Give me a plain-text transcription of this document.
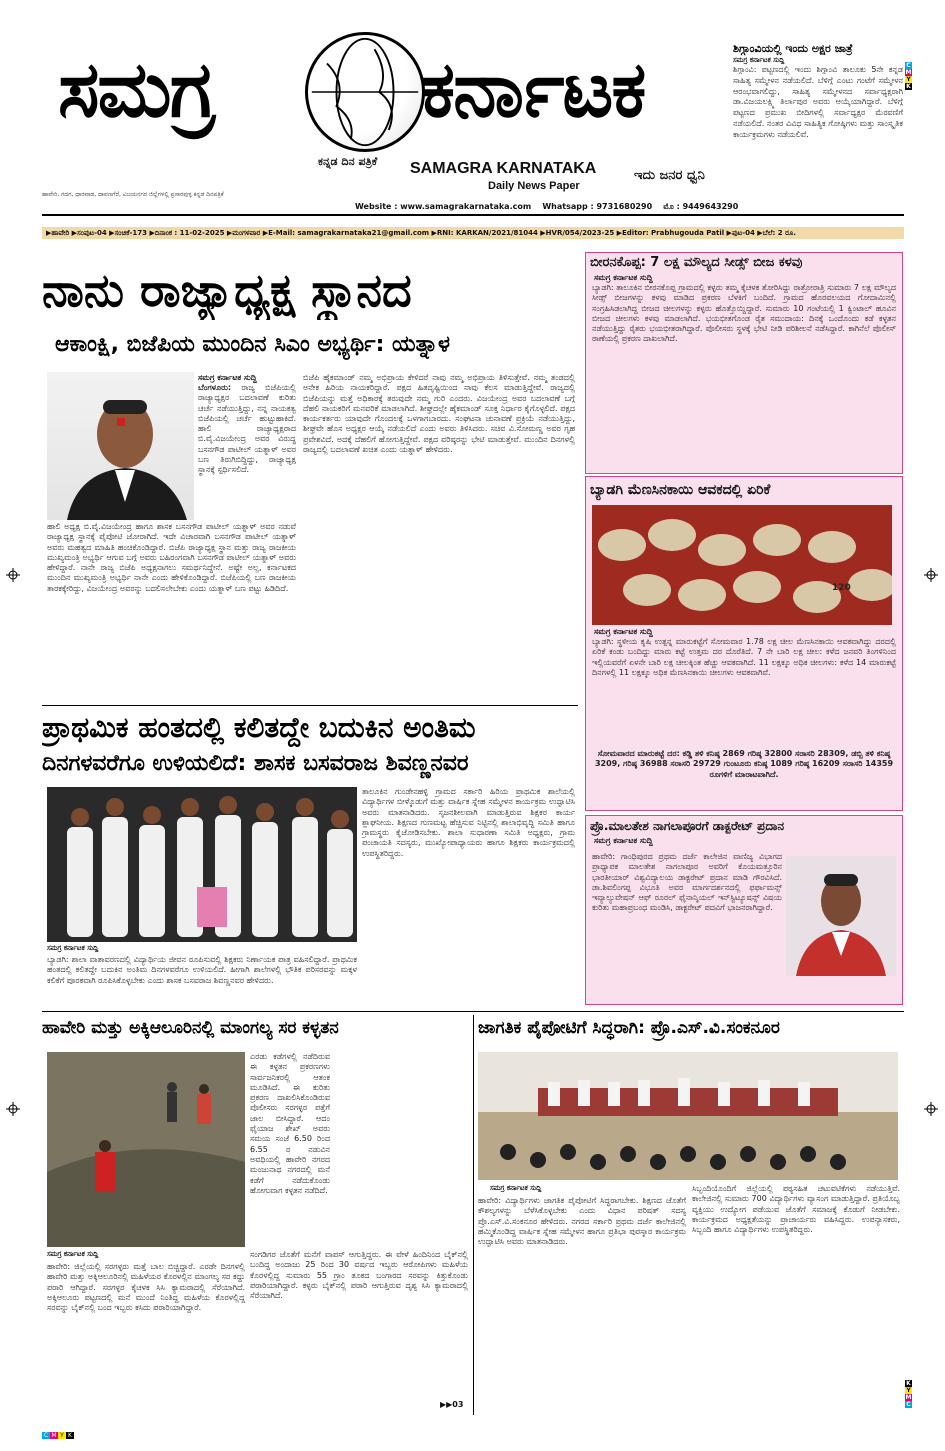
ಸಮಗ್ರ	ಕರ್ನಾಟಕ
ಕನ್ನಡ ದಿನ ಪತ್ರಿಕೆ SAMAGRA KARNATAKA
Daily News Paper
ಇದು ಜನರ ಧ್ವನಿ
ಹಾವೇರಿ, ಗದಗ, ಧಾರವಾಡ, ದಾವಣಗೆರೆ, ವಿಜಯನಗರ ಜಿಲ್ಲೆಗಳಲ್ಲಿ ಪ್ರಸಾರವುಳ್ಳ ಕನ್ನಡ ದಿನಪತ್ರಿಕೆ
Website : www.samagrakarnataka.com Whatsapp : 9731680290 ಮೊ : 9449643290
▶ಹಾವೇರಿ ▶ಸಂಪುಟ-04 ▶ಸಂಚಿಕೆ-173 ▶ದಿನಾಂಕ : 11-02-2025 ▶ಮಂಗಳವಾರ ▶E-Mail: samagrakarnataka21@gmail.com ▶RNI: KARKAN/2021/81044 ▶HVR/054/2023-25 ▶Editor: Prabhugouda Patil ▶ಪುಟ-04 ▶ಬೆಲೆ: 2 ರೂ.
C
M
Y
K
K
Y
M
C
C M Y K
ಶಿಗ್ಗಾಂವಿಯಲ್ಲಿ ಇಂದು ಅಕ್ಷರ ಜಾತ್ರೆ
ಸಮಗ್ರ ಕರ್ನಾಟಕ ಸುದ್ದಿ
ಶಿಗ್ಗಾಂವಿ: ಪಟ್ಟಣದಲ್ಲಿ ಇಂದು ಶಿಗ್ಗಾಂವಿ ತಾಲೂಕು 5ನೇ ಕನ್ನಡ ಸಾಹಿತ್ಯ ಸಮ್ಮೇಳನ ನಡೆಯಲಿದೆ. ಬೆಳಿಗ್ಗೆ ಎಂಟು ಗಂಟೆಗೆ ಸಮ್ಮೇಳನ ಆರಂಭವಾಗಲಿದ್ದು, ಸಾಹಿತ್ಯ ಸಮ್ಮೇಳನದ ಸರ್ವಾಧ್ಯಕ್ಷರಾಗಿ ಡಾ.ವಿಜಯಲಕ್ಷ್ಮಿ ತಿರ್ಲಾಪುರ ಅವರು ಆಯ್ಕೆಯಾಗಿದ್ದಾರೆ. ಬೆಳಿಗ್ಗೆ ಪಟ್ಟಣದ ಪ್ರಮುಖ ಬೀದಿಗಳಲ್ಲಿ ಸರ್ವಾಧ್ಯಕ್ಷರ ಮೆರವಣಿಗೆ ನಡೆಯಲಿದೆ. ನಂತರ ವಿವಿಧ ಸಾಹಿತ್ಯಿಕ ಗೋಷ್ಠಿಗಳು ಮತ್ತು ಸಾಂಸ್ಕೃತಿಕ ಕಾರ್ಯಕ್ರಮಗಳು ನಡೆಯಲಿವೆ.
ನಾನು ರಾಜ್ಯಾಧ್ಯಕ್ಷ ಸ್ಥಾನದ
ಆಕಾಂಕ್ಷಿ, ಬಿಜೆಪಿಯ ಮುಂದಿನ ಸಿಎಂ ಅಭ್ಯರ್ಥಿ: ಯತ್ನಾಳ
ಸಮಗ್ರ ಕರ್ನಾಟಕ ಸುದ್ದಿ
ಬೆಂಗಳೂರು: ರಾಜ್ಯ ಬಿಜೆಪಿಯಲ್ಲಿ ರಾಜ್ಯಾಧ್ಯಕ್ಷರ ಬದಲಾವಣೆ ಕುರಿತು ಚರ್ಚೆ ನಡೆಯುತ್ತಿದ್ದು, ನನ್ನ ನಾಯಕತ್ವ ಬಿಜೆಪಿಯಲ್ಲಿ ಚರ್ಚೆ ಹುಟ್ಟುಹಾಕಿದೆ. ಹಾಲಿ ರಾಜ್ಯಾಧ್ಯಕ್ಷರಾದ ಬಿ.ವೈ.ವಿಜಯೇಂದ್ರ ಅವರ ವಿರುದ್ಧ ಬಸನಗೌಡ ಪಾಟೀಲ್ ಯತ್ನಾಳ್ ಅವರ ಬಣ ತಿರುಗಿಬಿದ್ದಿದ್ದು, ರಾಜ್ಯಾಧ್ಯಕ್ಷ ಸ್ಥಾನಕ್ಕೆ ಸ್ಪರ್ಧಿಸಲಿದೆ.
ಹಾಲಿ ಅಧ್ಯಕ್ಷ ಬಿ.ವೈ.ವಿಜಯೇಂದ್ರ ಹಾಗೂ ಶಾಸಕ ಬಸನಗೌಡ ಪಾಟೀಲ್ ಯತ್ನಾಳ್ ಅವರ ನಡುವೆ ರಾಜ್ಯಾಧ್ಯಕ್ಷ ಸ್ಥಾನಕ್ಕೆ ಪೈಪೋಟಿ ಜೋರಾಗಿದೆ. ಇದೇ ವಿಚಾರವಾಗಿ ಬಸನಗೌಡ ಪಾಟೀಲ್ ಯತ್ನಾಳ್ ಅವರು ಮಹತ್ವದ ಮಾಹಿತಿ ಹಂಚಿಕೊಂಡಿದ್ದಾರೆ. ಬಿಜೆಪಿ ರಾಜ್ಯಾಧ್ಯಕ್ಷ ಸ್ಥಾನ ಮತ್ತು ರಾಜ್ಯ ರಾಜಕೀಯ ಮುಖ್ಯಮಂತ್ರಿ ಅಭ್ಯರ್ಥಿ ಆಗುವ ಬಗ್ಗೆ ಅವರು ಬಹಿರಂಗವಾಗಿ ಬಸನಗೌಡ ಪಾಟೀಲ್ ಯತ್ನಾಳ್ ಅವರು ಹೇಳಿದ್ದಾರೆ. ನಾನೇ ರಾಜ್ಯ ಬಿಜೆಪಿ ಅಧ್ಯಕ್ಷನಾಗಲು ಸಮರ್ಥನಿದ್ದೇನೆ. ಅಷ್ಟೇ ಅಲ್ಲ, ಕರ್ನಾಟಕದ ಮುಂದಿನ ಮುಖ್ಯಮಂತ್ರಿ ಅಭ್ಯರ್ಥಿ ನಾನೇ ಎಂದು ಹೇಳಿಕೊಂಡಿದ್ದಾರೆ. ಬಿಜೆಪಿಯಲ್ಲಿ ಬಣ ರಾಜಕೀಯ ತಾರಕಕ್ಕೇರಿದ್ದು, ವಿಜಯೇಂದ್ರ ಅವರನ್ನು ಬದಲಿಸಲೇಬೇಕು ಎಂದು ಯತ್ನಾಳ್ ಬಣ ಪಟ್ಟು ಹಿಡಿದಿದೆ.
ಬಿಜೆಪಿ ಹೈಕಮಾಂಡ್ ನಮ್ಮ ಅಭಿಪ್ರಾಯ ಕೇಳಿದರೆ ನಾವು ನಮ್ಮ ಅಭಿಪ್ರಾಯ ತಿಳಿಸುತ್ತೇವೆ. ನಮ್ಮ ತಂಡದಲ್ಲಿ ಅನೇಕ ಹಿರಿಯ ನಾಯಕರಿದ್ದಾರೆ. ಪಕ್ಷದ ಹಿತದೃಷ್ಟಿಯಿಂದ ನಾವು ಕೆಲಸ ಮಾಡುತ್ತಿದ್ದೇವೆ. ರಾಜ್ಯದಲ್ಲಿ ಬಿಜೆಪಿಯನ್ನು ಮತ್ತೆ ಅಧಿಕಾರಕ್ಕೆ ತರುವುದೇ ನಮ್ಮ ಗುರಿ ಎಂದರು. ವಿಜಯೇಂದ್ರ ಅವರ ಬದಲಾವಣೆ ಬಗ್ಗೆ ದೆಹಲಿ ನಾಯಕರಿಗೆ ಮನವರಿಕೆ ಮಾಡಲಾಗಿದೆ. ಶೀಘ್ರದಲ್ಲೇ ಹೈಕಮಾಂಡ್ ಸೂಕ್ತ ನಿರ್ಧಾರ ಕೈಗೊಳ್ಳಲಿದೆ. ಪಕ್ಷದ ಕಾರ್ಯಕರ್ತರು ಯಾವುದೇ ಗೊಂದಲಕ್ಕೆ ಒಳಗಾಗಬಾರದು. ಸಂಘಟನಾ ಚುನಾವಣೆ ಪ್ರಕ್ರಿಯೆ ನಡೆಯುತ್ತಿದ್ದು, ಶೀಘ್ರವೇ ಹೊಸ ಅಧ್ಯಕ್ಷರ ಆಯ್ಕೆ ನಡೆಯಲಿದೆ ಎಂದು ಅವರು ತಿಳಿಸಿದರು. ಸಚಿವ ವಿ.ಸೋಮಣ್ಣ ಅವರ ಗೃಹ ಪ್ರವೇಶವಿದೆ. ಅದಕ್ಕೆ ದೆಹಲಿಗೆ ಹೋಗುತ್ತಿದ್ದೇವೆ. ಪಕ್ಷದ ವರಿಷ್ಠರನ್ನು ಭೇಟಿ ಮಾಡುತ್ತೇವೆ. ಮುಂದಿನ ದಿನಗಳಲ್ಲಿ ರಾಜ್ಯದಲ್ಲಿ ಬದಲಾವಣೆ ಖಚಿತ ಎಂದು ಯತ್ನಾಳ್ ಹೇಳಿದರು.
ಪ್ರಾಥಮಿಕ ಹಂತದಲ್ಲಿ ಕಲಿತದ್ದೇ ಬದುಕಿನ ಅಂತಿಮ
ದಿನಗಳವರೆಗೂ ಉಳಿಯಲಿದೆ: ಶಾಸಕ ಬಸವರಾಜ ಶಿವಣ್ಣನವರ
ಸಮಗ್ರ ಕರ್ನಾಟಕ ಸುದ್ದಿ
ಬ್ಯಾಡಗಿ: ಶಾಲಾ ವಾತಾವರಣದಲ್ಲಿ ವಿದ್ಯಾರ್ಥಿಯ ಜೀವನ ರೂಪಿಸುವಲ್ಲಿ ಶಿಕ್ಷಕರು ನಿರ್ಣಾಯಕ ಪಾತ್ರ ವಹಿಸಲಿದ್ದಾರೆ. ಪ್ರಾಥಮಿಕ ಹಂತದಲ್ಲಿ ಕಲಿತದ್ದೇ ಬದುಕಿನ ಅಂತಿಮ ದಿನಗಳವರೆಗೂ ಉಳಿಯಲಿದೆ. ಹೀಗಾಗಿ ಶಾಲೆಗಳಲ್ಲಿ ಭೌತಿಕ ಪರಿಸರವನ್ನು ಮಕ್ಕಳ ಕಲಿಕೆಗೆ ಪೂರಕವಾಗಿ ರೂಪಿಸಿಕೊಳ್ಳಬೇಕು ಎಂದು ಶಾಸಕ ಬಸವರಾಜ ಶಿವಣ್ಣನವರ ಹೇಳಿದರು.
ತಾಲೂಕಿನ ಗುಂಡೇನಹಳ್ಳಿ ಗ್ರಾಮದ ಸರ್ಕಾರಿ ಹಿರಿಯ ಪ್ರಾಥಮಿಕ ಶಾಲೆಯಲ್ಲಿ ವಿದ್ಯಾರ್ಥಿಗಳ ಬೀಳ್ಕೊಡುಗೆ ಮತ್ತು ವಾರ್ಷಿಕ ಸ್ನೇಹ ಸಮ್ಮೇಳನ ಕಾರ್ಯಕ್ರಮ ಉದ್ಘಾಟಿಸಿ ಅವರು ಮಾತನಾಡಿದರು. ಸೃಜನಶೀಲವಾಗಿ ಮಾಡುತ್ತಿರುವ ಶಿಕ್ಷಕರ ಕಾರ್ಯ ಶ್ಲಾಘನೀಯ. ಶಿಕ್ಷಣದ ಗುಣಮಟ್ಟ ಹೆಚ್ಚಿಸುವ ನಿಟ್ಟಿನಲ್ಲಿ ಶಾಲಾಭಿವೃದ್ಧಿ ಸಮಿತಿ ಹಾಗೂ ಗ್ರಾಮಸ್ಥರು ಕೈಜೋಡಿಸಬೇಕು. ಶಾಲಾ ಸುಧಾರಣಾ ಸಮಿತಿ ಅಧ್ಯಕ್ಷರು, ಗ್ರಾಮ ಪಂಚಾಯತಿ ಸದಸ್ಯರು, ಮುಖ್ಯೋಪಾಧ್ಯಾಯರು ಹಾಗೂ ಶಿಕ್ಷಕರು ಕಾರ್ಯಕ್ರಮದಲ್ಲಿ ಉಪಸ್ಥಿತರಿದ್ದರು.
ಬೀರನಕೊಪ್ಪ: 7 ಲಕ್ಷ ಮೌಲ್ಯದ ಸೀಡ್ಸ್ ಬೀಜ ಕಳವು
ಸಮಗ್ರ ಕರ್ನಾಟಕ ಸುದ್ದಿ
ಬ್ಯಾಡಗಿ: ತಾಲೂಕಿನ ಬೀರನಕೊಪ್ಪ ಗ್ರಾಮದಲ್ಲಿ ಕಳ್ಳರು ತಮ್ಮ ಕೈಚಳಕ ತೋರಿಸಿದ್ದು ರಾತ್ರೋರಾತ್ರಿ ಸುಮಾರು 7 ಲಕ್ಷ ಮೌಲ್ಯದ ಸೀಡ್ಸ್ ಬೀಜಗಳನ್ನು ಕಳವು ಮಾಡಿದ ಪ್ರಕರಣ ಬೆಳಕಿಗೆ ಬಂದಿದೆ. ಗ್ರಾಮದ ಹೊರವಲಯದ ಗೋದಾಮಿನಲ್ಲಿ ಸಂಗ್ರಹಿಸಿಡಲಾಗಿದ್ದ ಬೀಜದ ಚೀಲಗಳನ್ನು ಕಳ್ಳರು ಹೊತ್ತೊಯ್ದಿದ್ದಾರೆ. ಸುಮಾರು 10 ಗಂಟೆಯಲ್ಲಿ 1 ಕ್ವಿಂಟಾಲ್ ಹೂವಿನ ಬೀಜದ ಚೀಲಗಳು ಕಳವು ಮಾಡಲಾಗಿದೆ. ಭಯಭೀತಗೊಂಡ ರೈತ ಸಮುದಾಯ: ದಿನಕ್ಕೆ ಒಂದೊಂದು ಕಡೆ ಕಳ್ಳತನ ನಡೆಯುತ್ತಿದ್ದು ರೈತರು ಭಯಭೀತರಾಗಿದ್ದಾರೆ. ಪೊಲೀಸರು ಸ್ಥಳಕ್ಕೆ ಭೇಟಿ ನೀಡಿ ಪರಿಶೀಲನೆ ನಡೆಸಿದ್ದಾರೆ. ಕಾಗಿನೆಲೆ ಪೊಲೀಸ್ ಠಾಣೆಯಲ್ಲಿ ಪ್ರಕರಣ ದಾಖಲಾಗಿದೆ.
ಬ್ಯಾಡಗಿ ಮೆಣಸಿನಕಾಯಿ ಆವಕದಲ್ಲಿ ಏರಿಕೆ
120
ಸಮಗ್ರ ಕರ್ನಾಟಕ ಸುದ್ದಿ
ಬ್ಯಾಡಗಿ: ಸ್ಥಳೀಯ ಕೃಷಿ ಉತ್ಪನ್ನ ಮಾರುಕಟ್ಟೆಗೆ ಸೋಮವಾರ 1.78 ಲಕ್ಷ ಚೀಲ ಮೆಣಸಿನಕಾಯಿ ಆವಕವಾಗಿದ್ದು ದರದಲ್ಲಿ ಏರಿಕೆ ಕಂಡು ಬಂದಿದ್ದು ಮಾರು ಕಟ್ಟೆ ಉತ್ತಮ ದರ ದೊರೆತಿದೆ. 7 ನೇ ಬಾರಿ ಲಕ್ಷ ಚೀಲ: ಕಳೆದ ಜನವರಿ ತಿಂಗಳಿನಿಂದ ಇಲ್ಲಿಯವರೆಗೆ ಏಳನೇ ಬಾರಿ ಲಕ್ಷ ಚೀಲಕ್ಕಿಂತ ಹೆಚ್ಚು ಆವಕವಾಗಿದೆ. 11 ಲಕ್ಷಕ್ಕೂ ಅಧಿಕ ಚೀಲಗಳು: ಕಳೆದ 14 ಮಾರುಕಟ್ಟೆ ದಿನಗಳಲ್ಲಿ 11 ಲಕ್ಷಕ್ಕೂ ಅಧಿಕ ಮೆಣಸಿನಕಾಯಿ ಚೀಲಗಳು ಆವಕವಾಗಿವೆ.
ಸೋಮವಾರದ ಮಾರುಕಟ್ಟೆ ದರ: ಕಡ್ಡಿ ತಳಿ ಕನಿಷ್ಠ 2869 ಗರಿಷ್ಠ 32800 ಸರಾಸರಿ 28309, ಡಬ್ಬಿ ತಳಿ ಕನಿಷ್ಠ 3209, ಗರಿಷ್ಠ 36988 ಸರಾಸರಿ 29729 ಗುಂಟೂರು ಕನಿಷ್ಠ 1089 ಗರಿಷ್ಠ 16209 ಸರಾಸರಿ 14359 ರೂಗಳಿಗೆ ಮಾರಾಟವಾಗಿದೆ.
ಪ್ರೊ.ಮಾಲತೇಶ ನಾಗಲಾಪೂರಗೆ ಡಾಕ್ಟರೇಟ್ ಪ್ರದಾನ
ಸಮಗ್ರ ಕರ್ನಾಟಕ ಸುದ್ದಿ
ಹಾವೇರಿ: ಗಾಂಧಿಪುರದ ಪ್ರಥಮ ದರ್ಜೆ ಕಾಲೇಜಿನ ವಾಣಿಜ್ಯ ವಿಭಾಗದ ಪ್ರಾಧ್ಯಾಪಕ ಮಾಲತೇಶ ನಾಗಲಾಪೂರ ಅವರಿಗೆ ಕೊಯಮತ್ತೂರಿನ ಭಾರತೀಯಾರ್ ವಿಶ್ವವಿದ್ಯಾಲಯ ಡಾಕ್ಟರೇಟ್ ಪ್ರದಾನ ಮಾಡಿ ಗೌರವಿಸಿದೆ. ಡಾ.ಶಿವಲಿಂಗಪ್ಪ ವಿಭೂತಿ ಅವರ ಮಾರ್ಗದರ್ಶನದಲ್ಲಿ ಫರ್ಫಾಮನ್ಸ್ ಇವ್ಯಾಲ್ಯುವೇಷನ್ ಆಫ್ ರೂರಲ್ ಫೈನಾನ್ಶಿಯಲ್ ಇನ್‌ಸ್ಟಿಟ್ಯೂಷನ್ಸ್ ವಿಷಯ ಕುರಿತು ಮಹಾಪ್ರಬಂಧ ಮಂಡಿಸಿ, ಡಾಕ್ಟರೇಟ್ ಪದವಿಗೆ ಭಾಜನರಾಗಿದ್ದಾರೆ.
ಹಾವೇರಿ ಮತ್ತು ಅಕ್ಕಿಆಲೂರಿನಲ್ಲಿ ಮಾಂಗಲ್ಯ ಸರ ಕಳ್ಳತನ
ಸಮಗ್ರ ಕರ್ನಾಟಕ ಸುದ್ದಿ
ಎರಡು ಕಡೆಗಳಲ್ಲಿ ನಡೆದಿರುವ ಈ ಕಳ್ಳತನ ಪ್ರಕರಣಗಳು ಸಾರ್ವಜನಿಕರಲ್ಲಿ ಆತಂಕ ಮೂಡಿಸಿದೆ. ಈ ಕುರಿತು ಪ್ರಕರಣ ದಾಖಲಿಸಿಕೊಂಡಿರುವ ಪೊಲೀಸರು ಸರಗಳ್ಳರ ಪತ್ತೆಗೆ ಜಾಲ ಬೀಸಿದ್ದಾರೆ. ಆದಂ ಫೈಯಾಜ ಶೇಖ್ ಅವರು ಸಮಯ ಸಂಜೆ 6.50 ರಿಂದ 6.55 ರ ನಡುವಿನ ಅವಧಿಯಲ್ಲಿ ಹಾವೇರಿ ನಗರದ ಮಂಜುನಾಥ ನಗರದಲ್ಲಿ ಮನೆ ಕಡೆಗೆ ನಡೆದುಕೊಂಡು ಹೋಗುವಾಗ ಕಳ್ಳತನ ನಡೆದಿದೆ.
ಹಾವೇರಿ: ಜಿಲ್ಲೆಯಲ್ಲಿ ಸರಗಳ್ಳರು ಮತ್ತೆ ಬಾಲ ಬಿಚ್ಚಿದ್ದಾರೆ. ಎರಡೇ ದಿನಗಳಲ್ಲಿ ಹಾವೇರಿ ಮತ್ತು ಅಕ್ಕಿಆಲೂರಿನಲ್ಲಿ ಮಹಿಳೆಯರ ಕೊರಳಲ್ಲಿನ ಮಾಂಗಲ್ಯ ಸರ ಕದ್ದು ಪರಾರಿ ಆಗಿದ್ದಾರೆ. ಸರಗಳ್ಳರ ಕೈಚಳಕ ಸಿಸಿ ಕ್ಯಾಮರಾದಲ್ಲಿ ಸೆರೆಯಾಗಿದೆ. ಅಕ್ಕಿಆಲೂರು ಪಟ್ಟಣದಲ್ಲಿ ಮನೆ ಮುಂದೆ ನಿಂತಿದ್ದ ಮಹಿಳೆಯ ಕೊರಳಲ್ಲಿದ್ದ ಸರವನ್ನು ಬೈಕ್‌ನಲ್ಲಿ ಬಂದ ಇಬ್ಬರು ಕಸಿದು ಪರಾರಿಯಾಗಿದ್ದಾರೆ.
ಸಂಗಡಿಗರ ಜೊತೆಗೆ ಮನೆಗೆ ವಾಪಸ್ ಆಗುತ್ತಿದ್ದರು. ಈ ವೇಳೆ ಹಿಂದಿನಿಂದ ಬೈಕ್‌ನಲ್ಲಿ ಬಂದಿದ್ದ ಅಂದಾಜು 25 ರಿಂದ 30 ವರ್ಷದ ಇಬ್ಬರು ಆರೋಪಿಗಳು ಮಹಿಳೆಯ ಕೊರಳಲ್ಲಿದ್ದ ಸುಮಾರು 55 ಗ್ರಾಂ ತೂಕದ ಬಂಗಾರದ ಸರವನ್ನು ಕಿತ್ತುಕೊಂಡು ಪರಾರಿಯಾಗಿದ್ದಾರೆ. ಕಳ್ಳರು ಬೈಕ್‌ನಲ್ಲಿ ಪರಾರಿ ಆಗುತ್ತಿರುವ ದೃಶ್ಯ ಸಿಸಿ ಕ್ಯಾಮರಾದಲ್ಲಿ ಸೆರೆಯಾಗಿದೆ.
▶▶03
ಜಾಗತಿಕ ಪೈಪೋಟಿಗೆ ಸಿದ್ಧರಾಗಿ: ಪ್ರೊ.ಎಸ್.ವಿ.ಸಂಕನೂರ
ಸಮಗ್ರ ಕರ್ನಾಟಕ ಸುದ್ದಿ
ಹಾವೇರಿ: ವಿದ್ಯಾರ್ಥಿಗಳು ಜಾಗತಿಕ ಪೈಪೋಟಿಗೆ ಸಿದ್ಧರಾಗಬೇಕು. ಶಿಕ್ಷಣದ ಜೊತೆಗೆ ಕೌಶಲ್ಯಗಳನ್ನು ಬೆಳೆಸಿಕೊಳ್ಳಬೇಕು ಎಂದು ವಿಧಾನ ಪರಿಷತ್ ಸದಸ್ಯ ಪ್ರೊ.ಎಸ್.ವಿ.ಸಂಕನೂರ ಹೇಳಿದರು. ನಗರದ ಸರ್ಕಾರಿ ಪ್ರಥಮ ದರ್ಜೆ ಕಾಲೇಜಿನಲ್ಲಿ ಹಮ್ಮಿಕೊಂಡಿದ್ದ ವಾರ್ಷಿಕ ಸ್ನೇಹ ಸಮ್ಮೇಳನ ಹಾಗೂ ಪ್ರತಿಭಾ ಪುರಸ್ಕಾರ ಕಾರ್ಯಕ್ರಮ ಉದ್ಘಾಟಿಸಿ ಅವರು ಮಾತನಾಡಿದರು.
ಸಿಬ್ಬಂದಿಯೊಂದಿಗೆ ಜಿಲ್ಲೆಯಲ್ಲಿ ಪಠ್ಯಸಹಿತ ಚಟುವಟಿಕೆಗಳು ನಡೆಯುತ್ತಿವೆ. ಕಾಲೇಜಿನಲ್ಲಿ ಸುಮಾರು 700 ವಿದ್ಯಾರ್ಥಿಗಳು ವ್ಯಾಸಂಗ ಮಾಡುತ್ತಿದ್ದಾರೆ. ಪ್ರತಿಯೊಬ್ಬ ವ್ಯಕ್ತಿಯು ಉದ್ಯೋಗ ಪಡೆಯುವ ಜೊತೆಗೆ ಸಮಾಜಕ್ಕೆ ಕೊಡುಗೆ ನೀಡಬೇಕು. ಕಾರ್ಯಕ್ರಮದ ಅಧ್ಯಕ್ಷತೆಯನ್ನು ಪ್ರಾಚಾರ್ಯರು ವಹಿಸಿದ್ದರು. ಉಪನ್ಯಾಸಕರು, ಸಿಬ್ಬಂದಿ ಹಾಗೂ ವಿದ್ಯಾರ್ಥಿಗಳು ಉಪಸ್ಥಿತರಿದ್ದರು.
